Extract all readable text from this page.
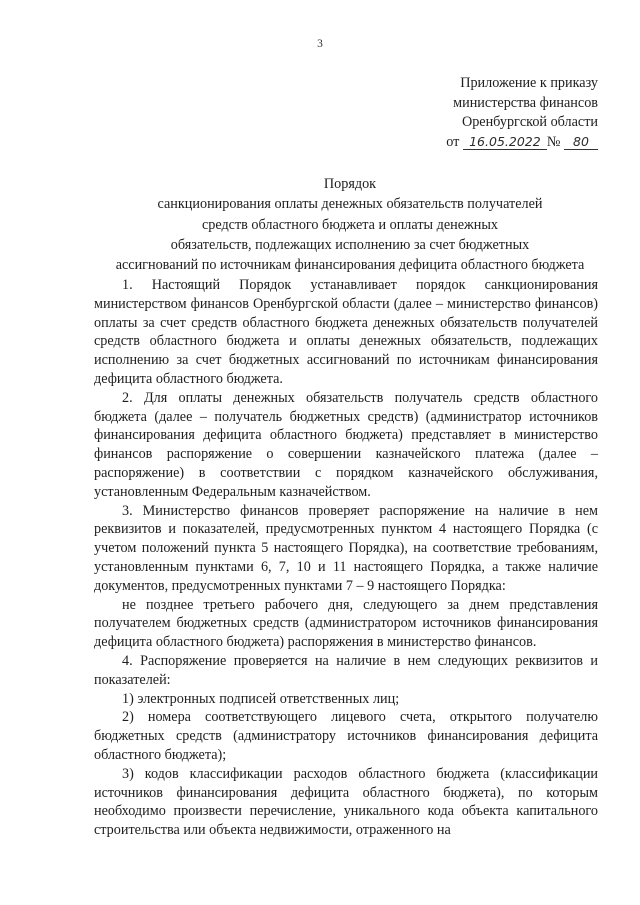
3
Приложение к приказу
министерства финансов
Оренбургской области
от 16.05.2022 № 80
Порядок
санкционирования оплаты денежных обязательств получателей
средств областного бюджета и оплаты денежных
обязательств, подлежащих исполнению за счет бюджетных
ассигнований по источникам финансирования дефицита областного бюджета

1. Настоящий Порядок устанавливает порядок санкционирования министерством финансов Оренбургской области (далее – министерство финансов) оплаты за счет средств областного бюджета денежных обязательств получателей средств областного бюджета и оплаты денежных обязательств, подлежащих исполнению за счет бюджетных ассигнований по источникам финансирования дефицита областного бюджета.

2. Для оплаты денежных обязательств получатель средств областного бюджета (далее – получатель бюджетных средств) (администратор источников финансирования дефицита областного бюджета) представляет в министерство финансов распоряжение о совершении казначейского платежа (далее – распоряжение) в соответствии с порядком казначейского обслуживания, установленным Федеральным казначейством.

3. Министерство финансов проверяет распоряжение на наличие в нем реквизитов и показателей, предусмотренных пунктом 4 настоящего Порядка (с учетом положений пункта 5 настоящего Порядка), на соответствие требованиям, установленным пунктами 6, 7, 10 и 11 настоящего Порядка, а также наличие документов, предусмотренных пунктами 7 – 9 настоящего Порядка:

не позднее третьего рабочего дня, следующего за днем представления получателем бюджетных средств (администратором источников финансирования дефицита областного бюджета) распоряжения в министерство финансов.

4. Распоряжение проверяется на наличие в нем следующих реквизитов и показателей:

1) электронных подписей ответственных лиц;

2) номера соответствующего лицевого счета, открытого получателю бюджетных средств (администратору источников финансирования дефицита областного бюджета);

3) кодов классификации расходов областного бюджета (классификации источников финансирования дефицита областного бюджета), по которым необходимо произвести перечисление, уникального кода объекта капитального строительства или объекта недвижимости, отраженного на
